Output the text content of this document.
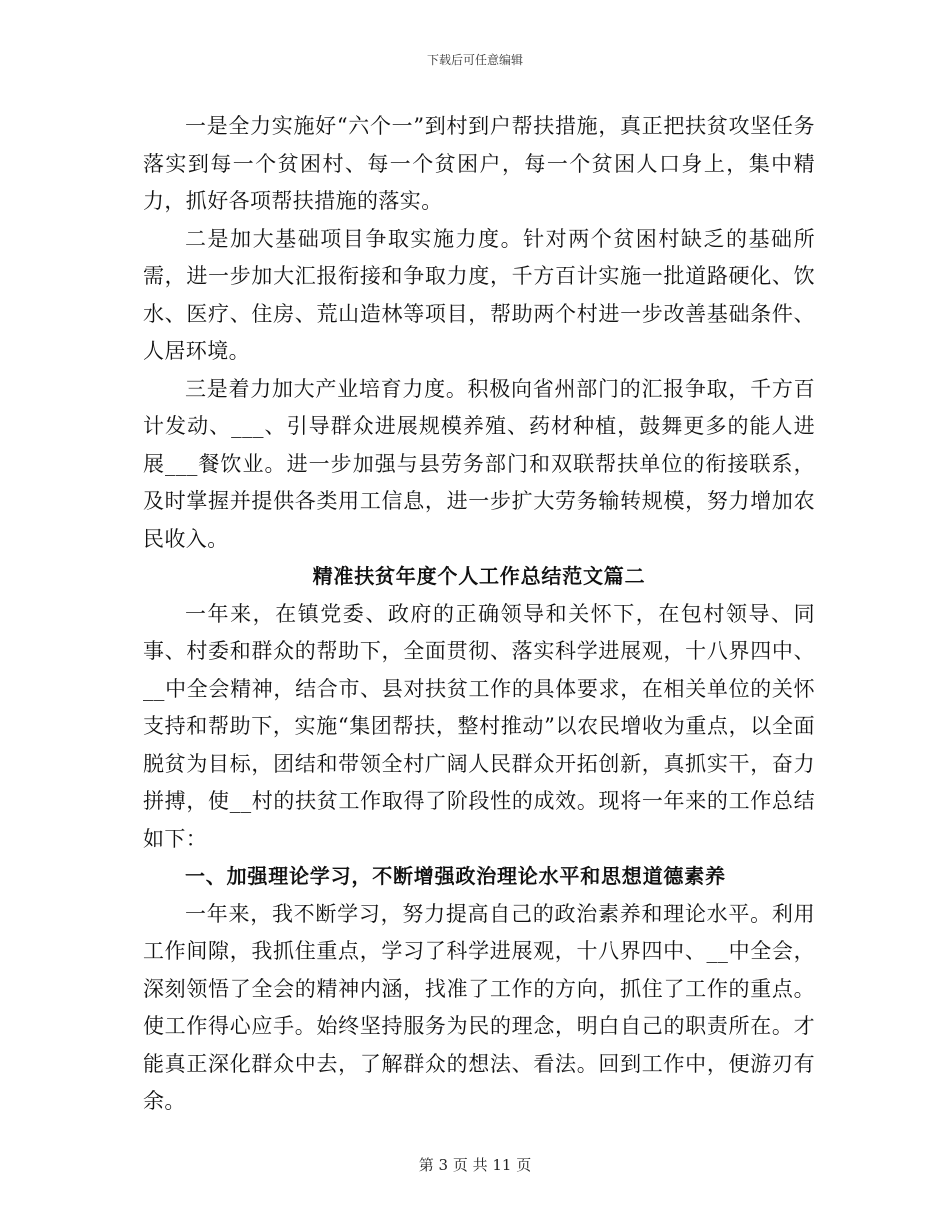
下载后可任意编辑

一是全力实施好“六个一”到村到户帮扶措施，真正把扶贫攻坚任务落实到每一个贫困村、每一个贫困户，每一个贫困人口身上，集中精力，抓好各项帮扶措施的落实。

二是加大基础项目争取实施力度。针对两个贫困村缺乏的基础所需，进一步加大汇报衔接和争取力度，千方百计实施一批道路硬化、饮水、医疗、住房、荒山造林等项目，帮助两个村进一步改善基础条件、人居环境。

三是着力加大产业培育力度。积极向省州部门的汇报争取，千方百计发动、___、引导群众进展规模养殖、药材种植，鼓舞更多的能人进展___餐饮业。进一步加强与县劳务部门和双联帮扶单位的衔接联系，及时掌握并提供各类用工信息，进一步扩大劳务输转规模，努力增加农民收入。

精准扶贫年度个人工作总结范文篇二

一年来，在镇党委、政府的正确领导和关怀下，在包村领导、同事、村委和群众的帮助下，全面贯彻、落实科学进展观，十八界四中、__中全会精神，结合市、县对扶贫工作的具体要求，在相关单位的关怀支持和帮助下，实施“集团帮扶，整村推动”以农民增收为重点，以全面脱贫为目标，团结和带领全村广阔人民群众开拓创新，真抓实干，奋力拼搏，使__村的扶贫工作取得了阶段性的成效。现将一年来的工作总结如下：

一、加强理论学习，不断增强政治理论水平和思想道德素养

一年来，我不断学习，努力提高自己的政治素养和理论水平。利用工作间隙，我抓住重点，学习了科学进展观，十八界四中、__中全会，深刻领悟了全会的精神内涵，找准了工作的方向，抓住了工作的重点。使工作得心应手。始终坚持服务为民的理念，明白自己的职责所在。才能真正深化群众中去，了解群众的想法、看法。回到工作中，便游刃有余。

第 3 页 共 11 页
